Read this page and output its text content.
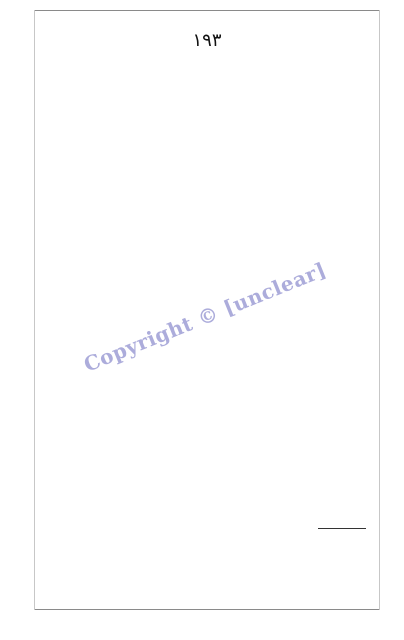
۱۹۳
Copyright © [unclear]
